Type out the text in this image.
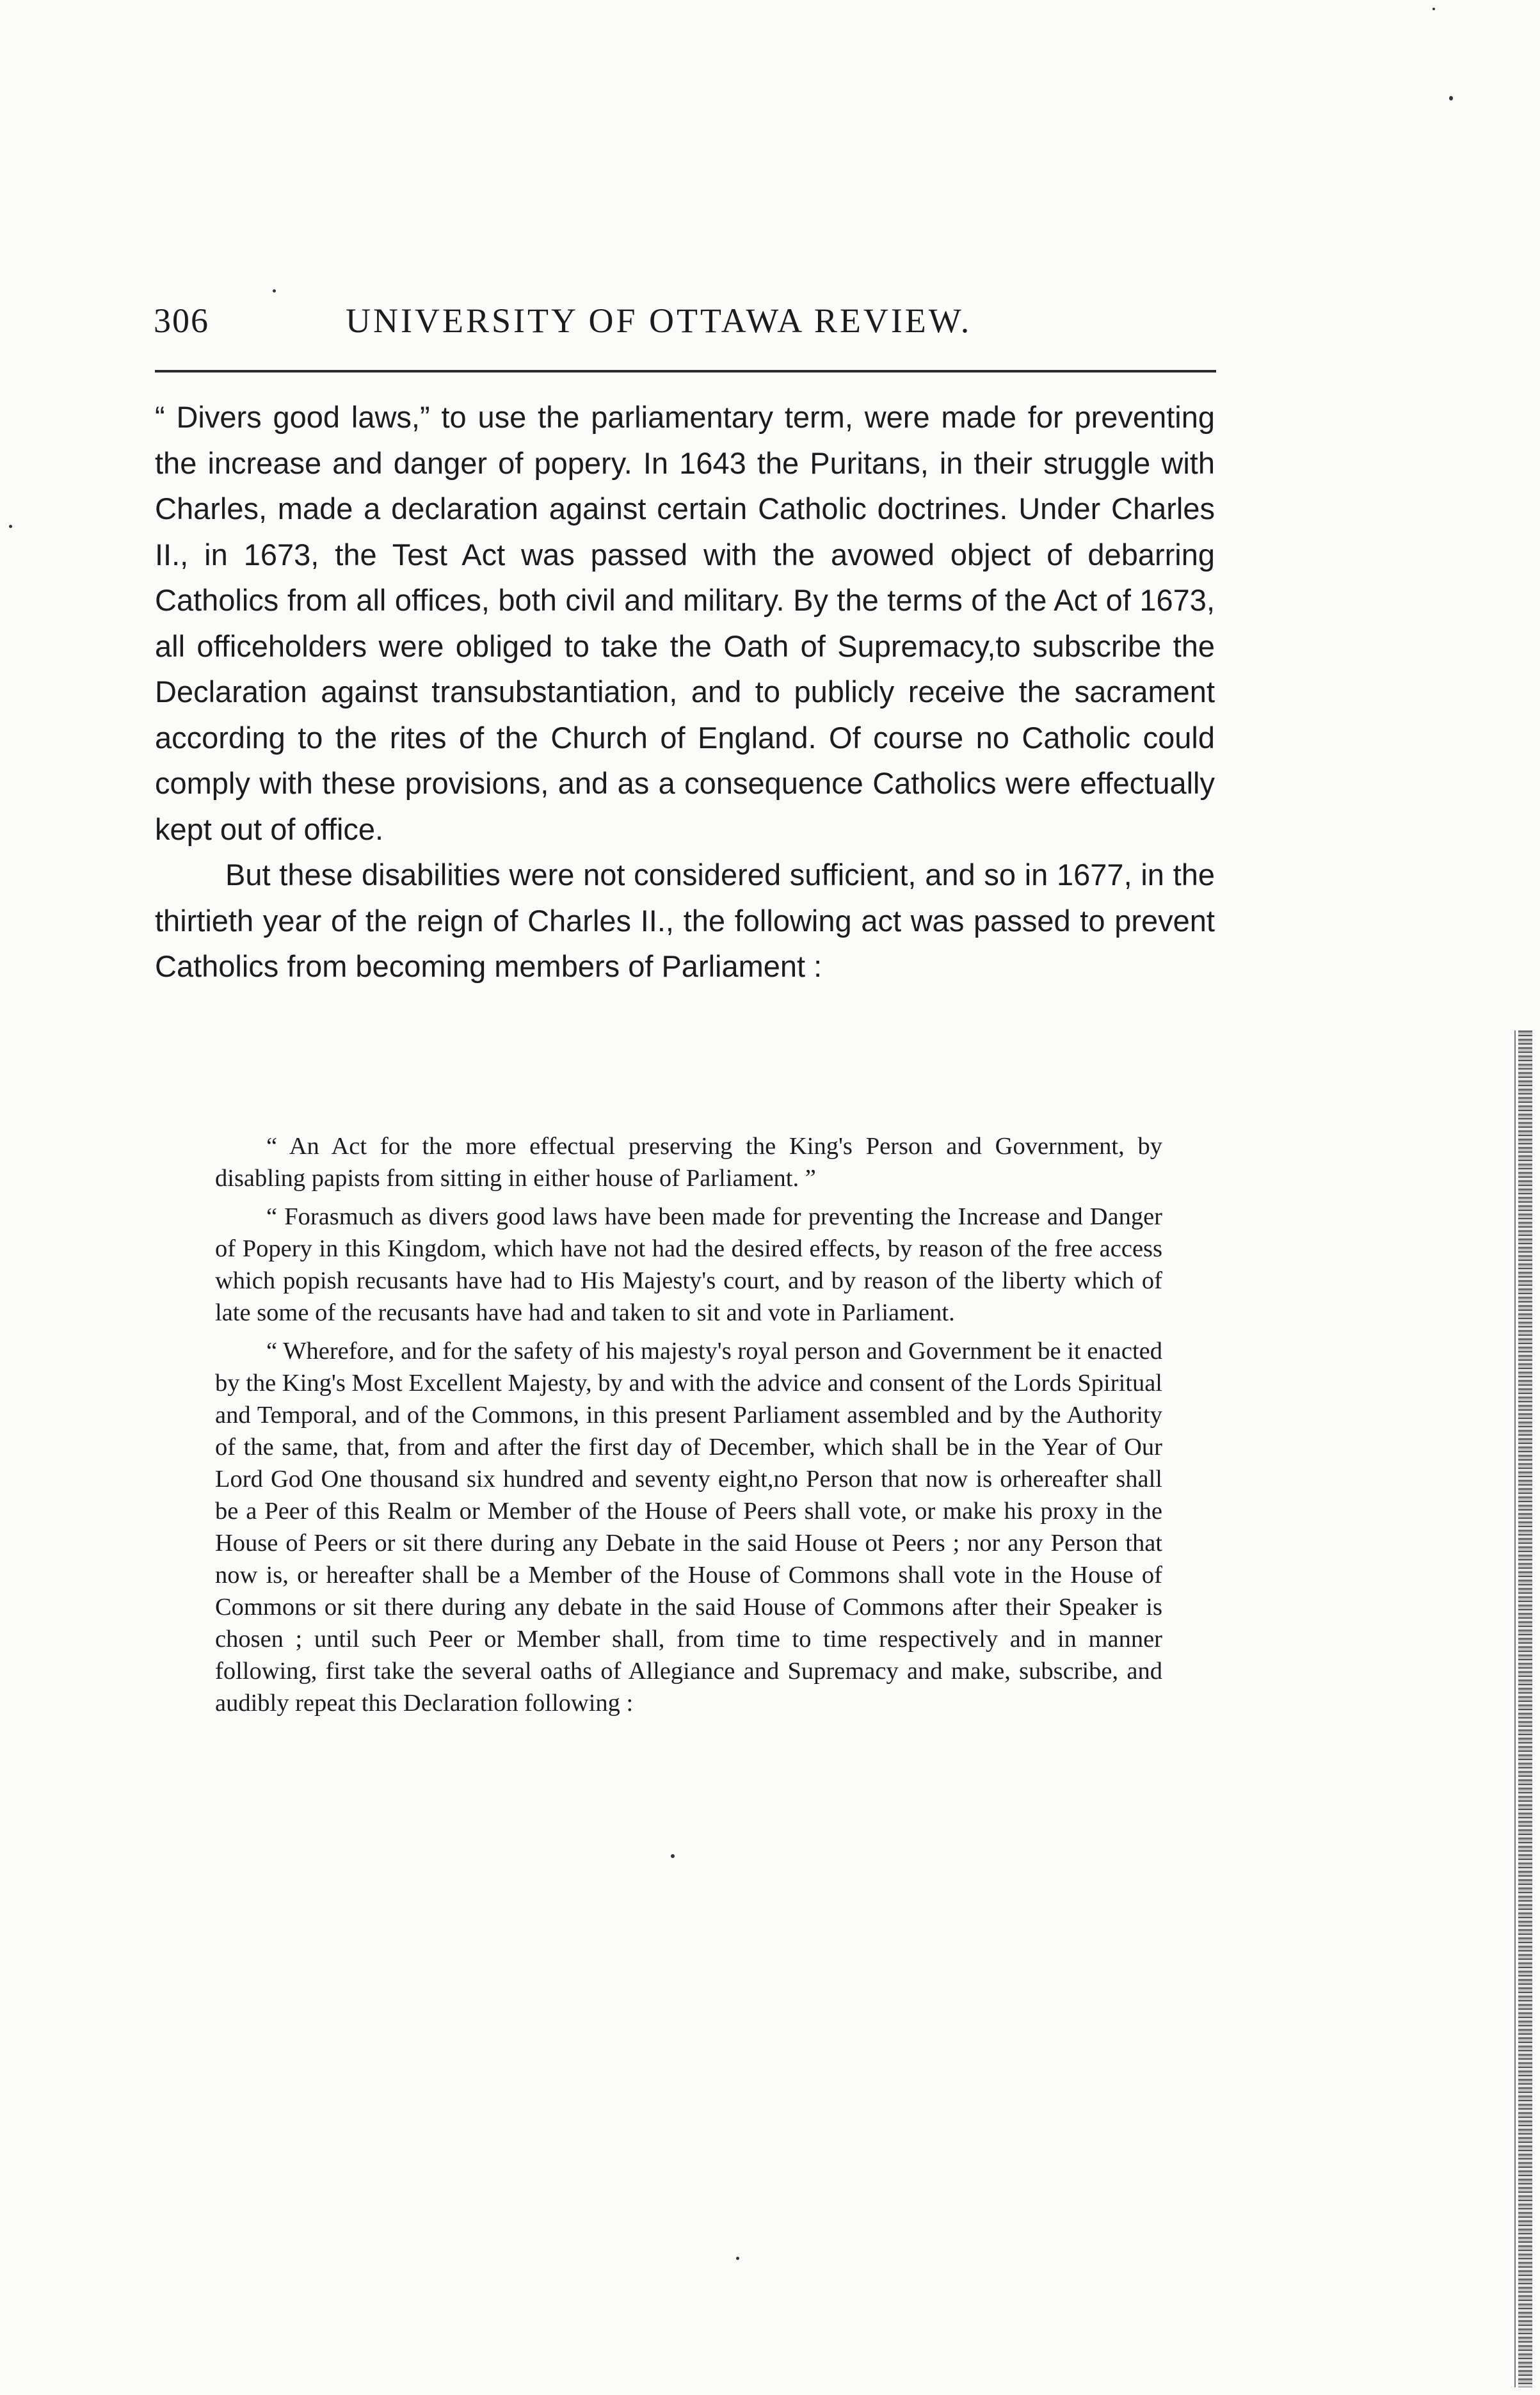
306	UNIVERSITY OF OTTAWA REVIEW.

“ Divers good laws,” to use the parliamentary term, were made for preventing the increase and danger of popery. In 1643 the Puritans, in their struggle with Charles, made a declaration against certain Catholic doctrines. Under Charles II., in 1673, the Test Act was passed with the avowed object of debarring Catholics from all offices, both civil and military. By the terms of the Act of 1673, all officeholders were obliged to take the Oath of Supremacy,to subscribe the Declaration against transubstantiation, and to publicly receive the sacrament according to the rites of the Church of England. Of course no Catholic could comply with these provisions, and as a consequence Catholics were effectually kept out of office.

But these disabilities were not considered sufficient, and so in 1677, in the thirtieth year of the reign of Charles II., the following act was passed to prevent Catholics from becoming members of Parliament :

“ An Act for the more effectual preserving the King's Person and Government, by disabling papists from sitting in either house of Parliament. ”

“ Forasmuch as divers good laws have been made for preventing the Increase and Danger of Popery in this Kingdom, which have not had the desired effects, by reason of the free access which popish recusants have had to His Majesty's court, and by reason of the liberty which of late some of the recusants have had and taken to sit and vote in Parliament.

“ Wherefore, and for the safety of his majesty's royal person and Government be it enacted by the King's Most Excellent Majesty, by and with the advice and consent of the Lords Spiritual and Temporal, and of the Commons, in this present Parliament assembled and by the Authority of the same, that, from and after the first day of December, which shall be in the Year of Our Lord God One thousand six hundred and seventy eight,no Person that now is orhereafter shall be a Peer of this Realm or Member of the House of Peers shall vote, or make his proxy in the House of Peers or sit there during any Debate in the said House ot Peers ; nor any Person that now is, or hereafter shall be a Member of the House of Commons shall vote in the House of Commons or sit there during any debate in the said House of Commons after their Speaker is chosen ; until such Peer or Member shall, from time to time respectively and in manner following, first take the several oaths of Allegiance and Supremacy and make, subscribe, and audibly repeat this Declaration following :
